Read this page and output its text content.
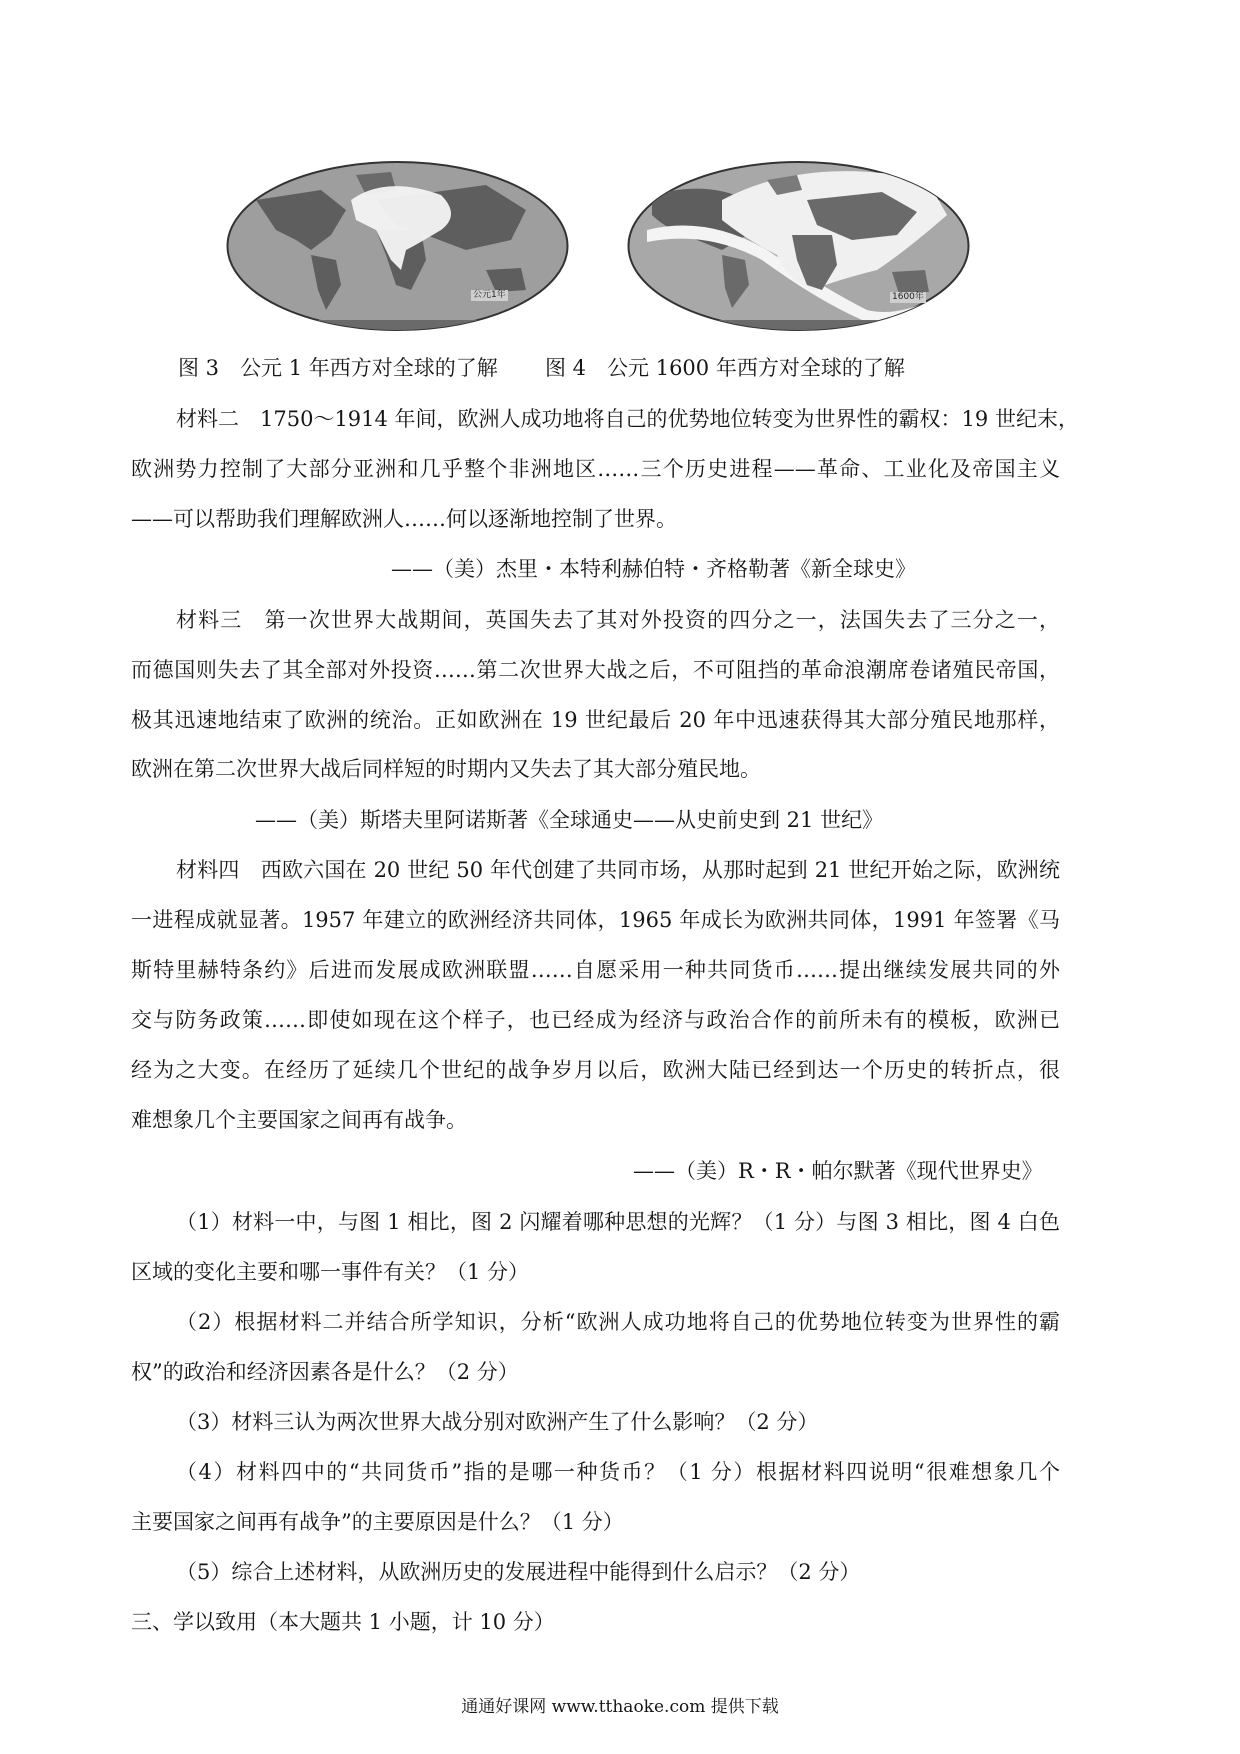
公元1年	1600年
图 3　公元 1 年西方对全球的了解 图 4　公元 1600 年西方对全球的了解
材料二　1750～1914 年间，欧洲人成功地将自己的优势地位转变为世界性的霸权：19 世纪末，
欧洲势力控制了大部分亚洲和几乎整个非洲地区……三个历史进程——革命、工业化及帝国主义
——可以帮助我们理解欧洲人……何以逐渐地控制了世界。
——（美）杰里・本特利赫伯特・齐格勒著《新全球史》
材料三　第一次世界大战期间，英国失去了其对外投资的四分之一，法国失去了三分之一，
而德国则失去了其全部对外投资……第二次世界大战之后，不可阻挡的革命浪潮席卷诸殖民帝国，
极其迅速地结束了欧洲的统治。正如欧洲在 19 世纪最后 20 年中迅速获得其大部分殖民地那样，
欧洲在第二次世界大战后同样短的时期内又失去了其大部分殖民地。
——（美）斯塔夫里阿诺斯著《全球通史——从史前史到 21 世纪》
材料四　西欧六国在 20 世纪 50 年代创建了共同市场，从那时起到 21 世纪开始之际，欧洲统
一进程成就显著。1957 年建立的欧洲经济共同体，1965 年成长为欧洲共同体，1991 年签署《马
斯特里赫特条约》后进而发展成欧洲联盟……自愿采用一种共同货币……提出继续发展共同的外
交与防务政策……即使如现在这个样子，也已经成为经济与政治合作的前所未有的模板，欧洲已
经为之大变。在经历了延续几个世纪的战争岁月以后，欧洲大陆已经到达一个历史的转折点，很
难想象几个主要国家之间再有战争。
——（美）R・R・帕尔默著《现代世界史》
（1）材料一中，与图 1 相比，图 2 闪耀着哪种思想的光辉？（1 分）与图 3 相比，图 4 白色
区域的变化主要和哪一事件有关？（1 分）
（2）根据材料二并结合所学知识，分析“欧洲人成功地将自己的优势地位转变为世界性的霸
权”的政治和经济因素各是什么？（2 分）
（3）材料三认为两次世界大战分别对欧洲产生了什么影响？（2 分）
（4）材料四中的“共同货币”指的是哪一种货币？（1 分）根据材料四说明“很难想象几个
主要国家之间再有战争”的主要原因是什么？（1 分）
（5）综合上述材料，从欧洲历史的发展进程中能得到什么启示？（2 分）
三、学以致用（本大题共 1 小题，计 10 分）
通通好课网 www.tthaoke.com 提供下载
